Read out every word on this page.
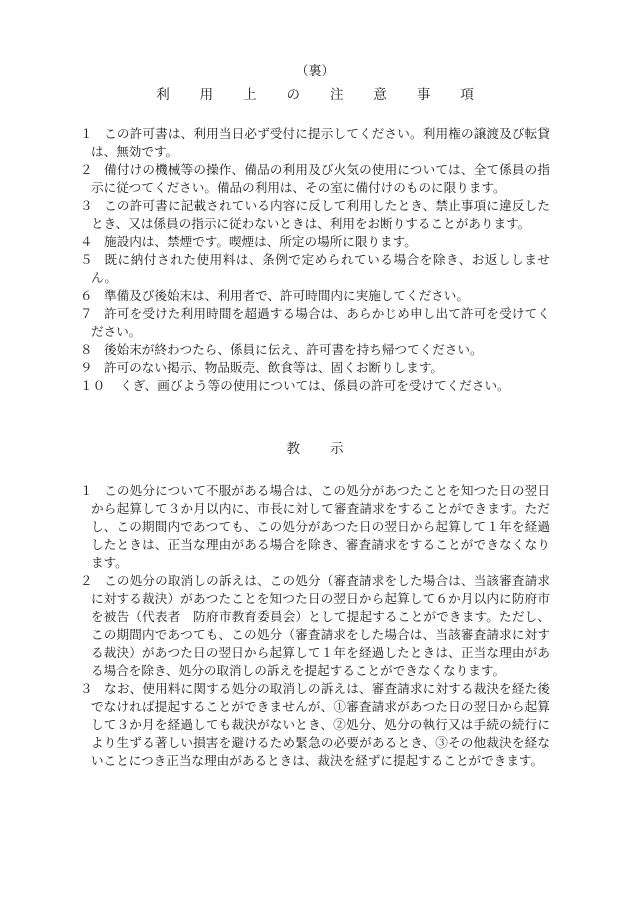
（裏）
利 用 上 の 注 意 事 項
１ この許可書は、利用当日必ず受付に提示してください。利用権の譲渡及び転貸は、無効です。
２ 備付けの機械等の操作、備品の利用及び火気の使用については、全て係員の指示に従つてください。備品の利用は、その室に備付けのものに限ります。
３ この許可書に記載されている内容に反して利用したとき、禁止事項に違反したとき、又は係員の指示に従わないときは、利用をお断りすることがあります。
４ 施設内は、禁煙です。喫煙は、所定の場所に限ります。
５ 既に納付された使用料は、条例で定められている場合を除き、お返ししません。
６ 準備及び後始末は、利用者で、許可時間内に実施してください。
７ 許可を受けた利用時間を超過する場合は、あらかじめ申し出て許可を受けてください。
８ 後始末が終わつたら、係員に伝え、許可書を持ち帰つてください。
９ 許可のない掲示、物品販売、飲食等は、固くお断りします。
１０ くぎ、画びよう等の使用については、係員の許可を受けてください。
教 示
１ この処分について不服がある場合は、この処分があつたことを知つた日の翌日から起算して３か月以内に、市長に対して審査請求をすることができます。ただし、この期間内であつても、この処分があつた日の翌日から起算して１年を経過したときは、正当な理由がある場合を除き、審査請求をすることができなくなります。
２ この処分の取消しの訴えは、この処分（審査請求をした場合は、当該審査請求に対する裁決）があつたことを知つた日の翌日から起算して６か月以内に防府市を被告（代表者　防府市教育委員会）として提起することができます。ただし、この期間内であつても、この処分（審査請求をした場合は、当該審査請求に対する裁決）があつた日の翌日から起算して１年を経過したときは、正当な理由がある場合を除き、処分の取消しの訴えを提起することができなくなります。
３ なお、使用料に関する処分の取消しの訴えは、審査請求に対する裁決を経た後でなければ提起することができませんが、①審査請求があつた日の翌日から起算して３か月を経過しても裁決がないとき、②処分、処分の執行又は手続の続行により生ずる著しい損害を避けるため緊急の必要があるとき、③その他裁決を経ないことにつき正当な理由があるときは、裁決を経ずに提起することができます。
